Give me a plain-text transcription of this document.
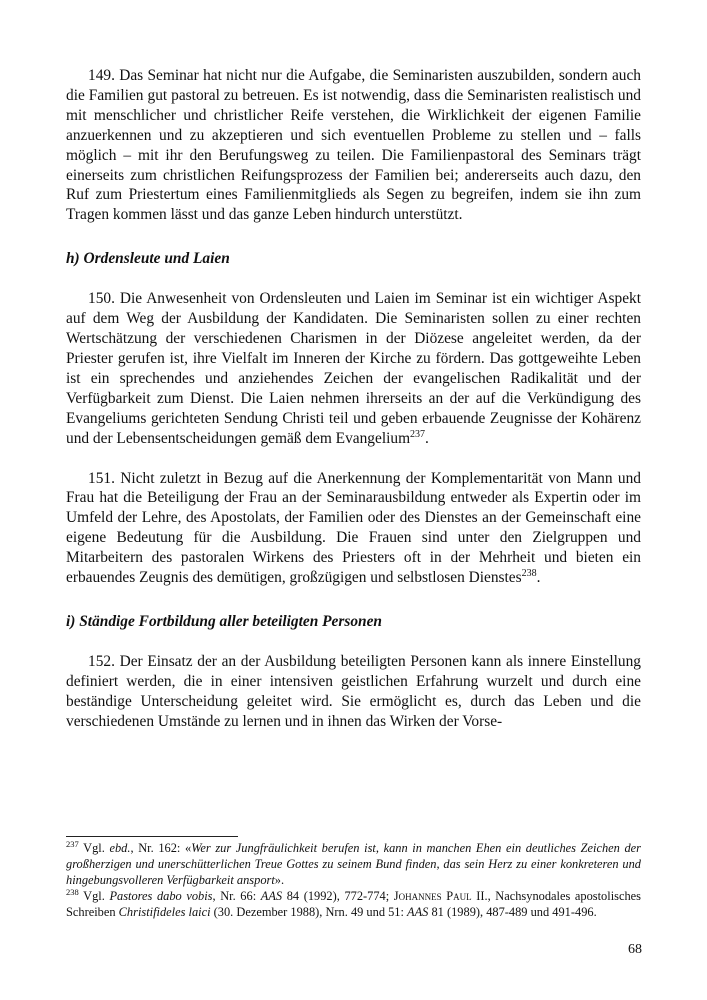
149. Das Seminar hat nicht nur die Aufgabe, die Seminaristen auszubilden, sondern auch die Familien gut pastoral zu betreuen. Es ist notwendig, dass die Seminaristen realistisch und mit menschlicher und christlicher Reife verstehen, die Wirklichkeit der eigenen Familie anzuerkennen und zu akzeptieren und sich eventuellen Probleme zu stellen und – falls möglich – mit ihr den Berufungsweg zu teilen. Die Familienpastoral des Seminars trägt einerseits zum christlichen Reifungsprozess der Familien bei; andererseits auch dazu, den Ruf zum Priestertum eines Familienmitglieds als Segen zu begreifen, indem sie ihn zum Tragen kommen lässt und das ganze Leben hindurch unterstützt.

h) Ordensleute und Laien

150. Die Anwesenheit von Ordensleuten und Laien im Seminar ist ein wichtiger Aspekt auf dem Weg der Ausbildung der Kandidaten. Die Seminaristen sollen zu einer rechten Wertschätzung der verschiedenen Charismen in der Diözese angeleitet werden, da der Priester gerufen ist, ihre Vielfalt im Inneren der Kirche zu fördern. Das gottgeweihte Leben ist ein sprechendes und anziehendes Zeichen der evangelischen Radikalität und der Verfügbarkeit zum Dienst. Die Laien nehmen ihrerseits an der auf die Verkündigung des Evangeliums gerichteten Sendung Christi teil und geben erbauende Zeugnisse der Kohärenz und der Lebensentscheidungen gemäß dem Evangelium$^{237}$.

151. Nicht zuletzt in Bezug auf die Anerkennung der Komplementarität von Mann und Frau hat die Beteiligung der Frau an der Seminarausbildung entweder als Expertin oder im Umfeld der Lehre, des Apostolats, der Familien oder des Dienstes an der Gemeinschaft eine eigene Bedeutung für die Ausbildung. Die Frauen sind unter den Zielgruppen und Mitarbeitern des pastoralen Wirkens des Priesters oft in der Mehrheit und bieten ein erbauendes Zeugnis des demütigen, großzügigen und selbstlosen Dienstes$^{238}$.

i) Ständige Fortbildung aller beteiligten Personen

152. Der Einsatz der an der Ausbildung beteiligten Personen kann als innere Einstellung definiert werden, die in einer intensiven geistlichen Erfahrung wurzelt und durch eine beständige Unterscheidung geleitet wird. Sie ermöglicht es, durch das Leben und die verschiedenen Umstände zu lernen und in ihnen das Wirken der Vorse-

$^{237}$ Vgl. ebd., Nr. 162: «Wer zur Jungfräulichkeit berufen ist, kann in manchen Ehen ein deutliches Zeichen der großherzigen und unerschütterlichen Treue Gottes zu seinem Bund finden, das sein Herz zu einer konkreteren und hingebungsvolleren Verfügbarkeit ansport».

$^{238}$ Vgl. Pastores dabo vobis, Nr. 66: AAS 84 (1992), 772-774; Johannes Paul II., Nachsynodales apostolisches Schreiben Christifideles laici (30. Dezember 1988), Nrn. 49 und 51: AAS 81 (1989), 487-489 und 491-496.

68
